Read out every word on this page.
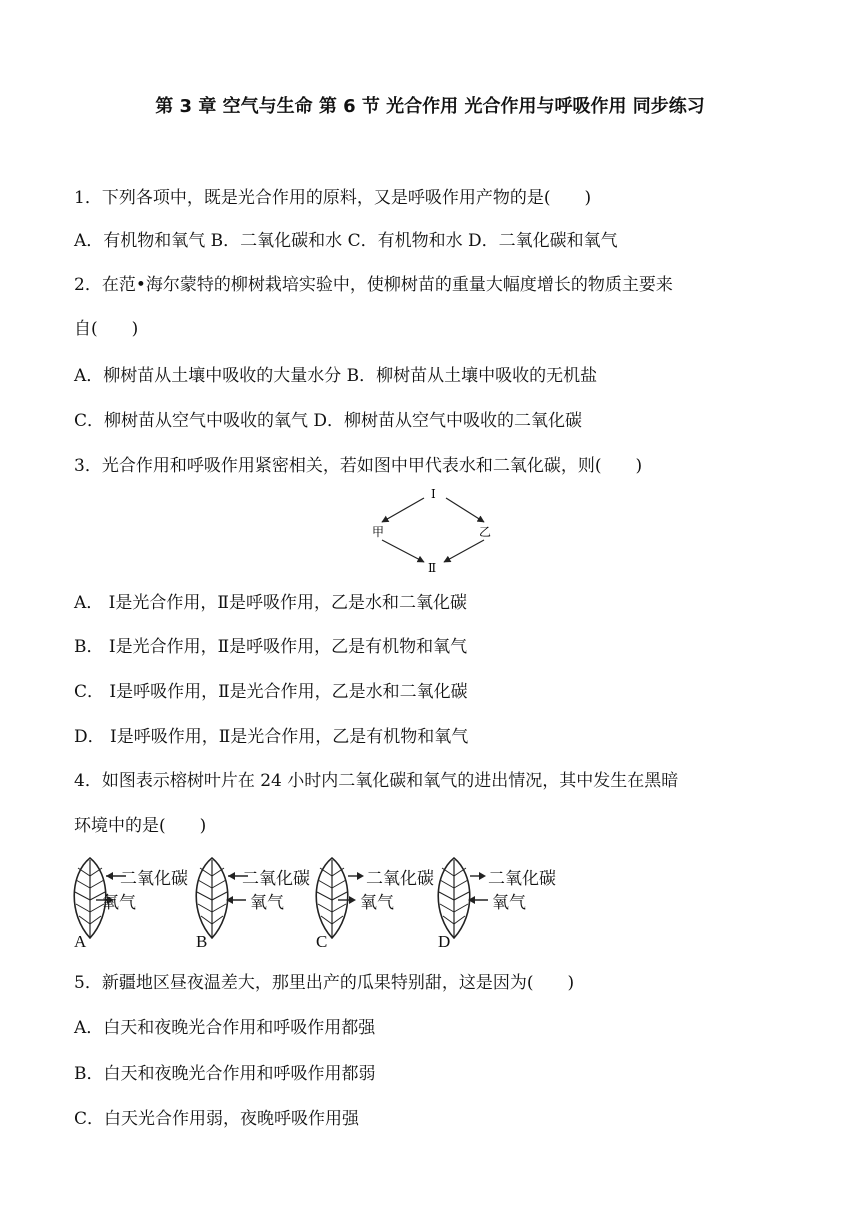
第 3 章 空气与生命 第 6 节 光合作用 光合作用与呼吸作用 同步练习
1．下列各项中，既是光合作用的原料，又是呼吸作用产物的是(　　)
A．有机物和氧气 B．二氧化碳和水 C．有机物和水 D．二氧化碳和氧气
2．在范•海尔蒙特的柳树栽培实验中，使柳树苗的重量大幅度增长的物质主要来
自(　　)
A．柳树苗从土壤中吸收的大量水分 B．柳树苗从土壤中吸收的无机盐
C．柳树苗从空气中吸收的氧气 D．柳树苗从空气中吸收的二氧化碳
3．光合作用和呼吸作用紧密相关，若如图中甲代表水和二氧化碳，则(　　)
Ⅰ
甲	乙
Ⅱ
A． Ⅰ是光合作用，Ⅱ是呼吸作用，乙是水和二氧化碳
B． Ⅰ是光合作用，Ⅱ是呼吸作用，乙是有机物和氧气
C． Ⅰ是呼吸作用，Ⅱ是光合作用，乙是水和二氧化碳
D． Ⅰ是呼吸作用，Ⅱ是光合作用，乙是有机物和氧气
4．如图表示榕树叶片在 24 小时内二氧化碳和氧气的进出情况，其中发生在黑暗
环境中的是(　　)
二氧化碳
氧气
A
二氧化碳
氧气
B
二氧化碳
氧气
C
二氧化碳
氧气
D
5．新疆地区昼夜温差大，那里出产的瓜果特别甜，这是因为(　　)
A．白天和夜晚光合作用和呼吸作用都强
B．白天和夜晚光合作用和呼吸作用都弱
C．白天光合作用弱，夜晚呼吸作用强
